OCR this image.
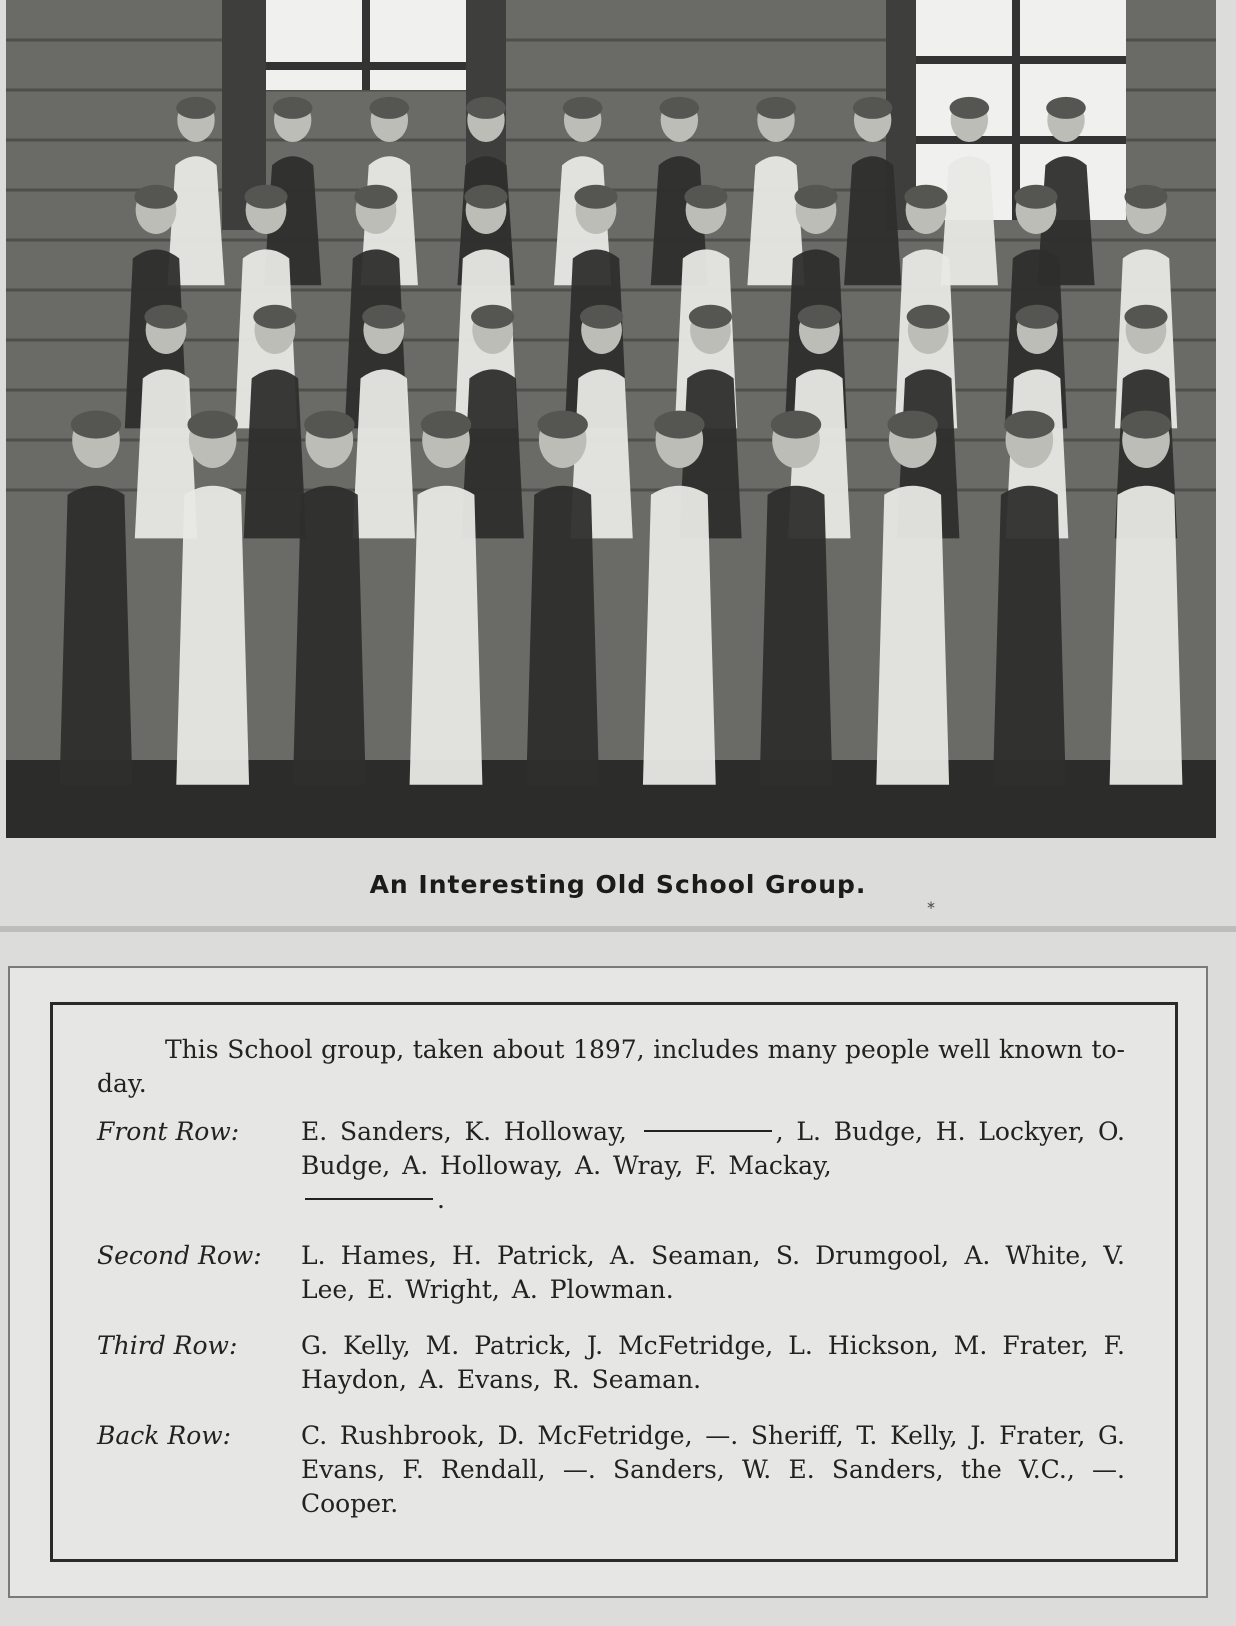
An Interesting Old School Group.
∗

This School group, taken about 1897, includes many people well known to-day.

Front Row:	E. Sanders, K. Holloway,	, L. Budge, H. Lockyer, O. Budge, A. Holloway, A. Wray, F. Mackay,
.
Second Row:	L. Hames, H. Patrick, A. Seaman, S. Drumgool, A. White, V. Lee, E. Wright, A. Plowman.
Third Row:	G. Kelly, M. Patrick, J. McFetridge, L. Hickson, M. Frater, F. Haydon, A. Evans, R. Seaman.
Back Row:	C. Rushbrook, D. McFetridge, —. Sheriff, T. Kelly, J. Frater, G. Evans, F. Rendall, —. Sanders, W. E. Sanders, the V.C., —. Cooper.
